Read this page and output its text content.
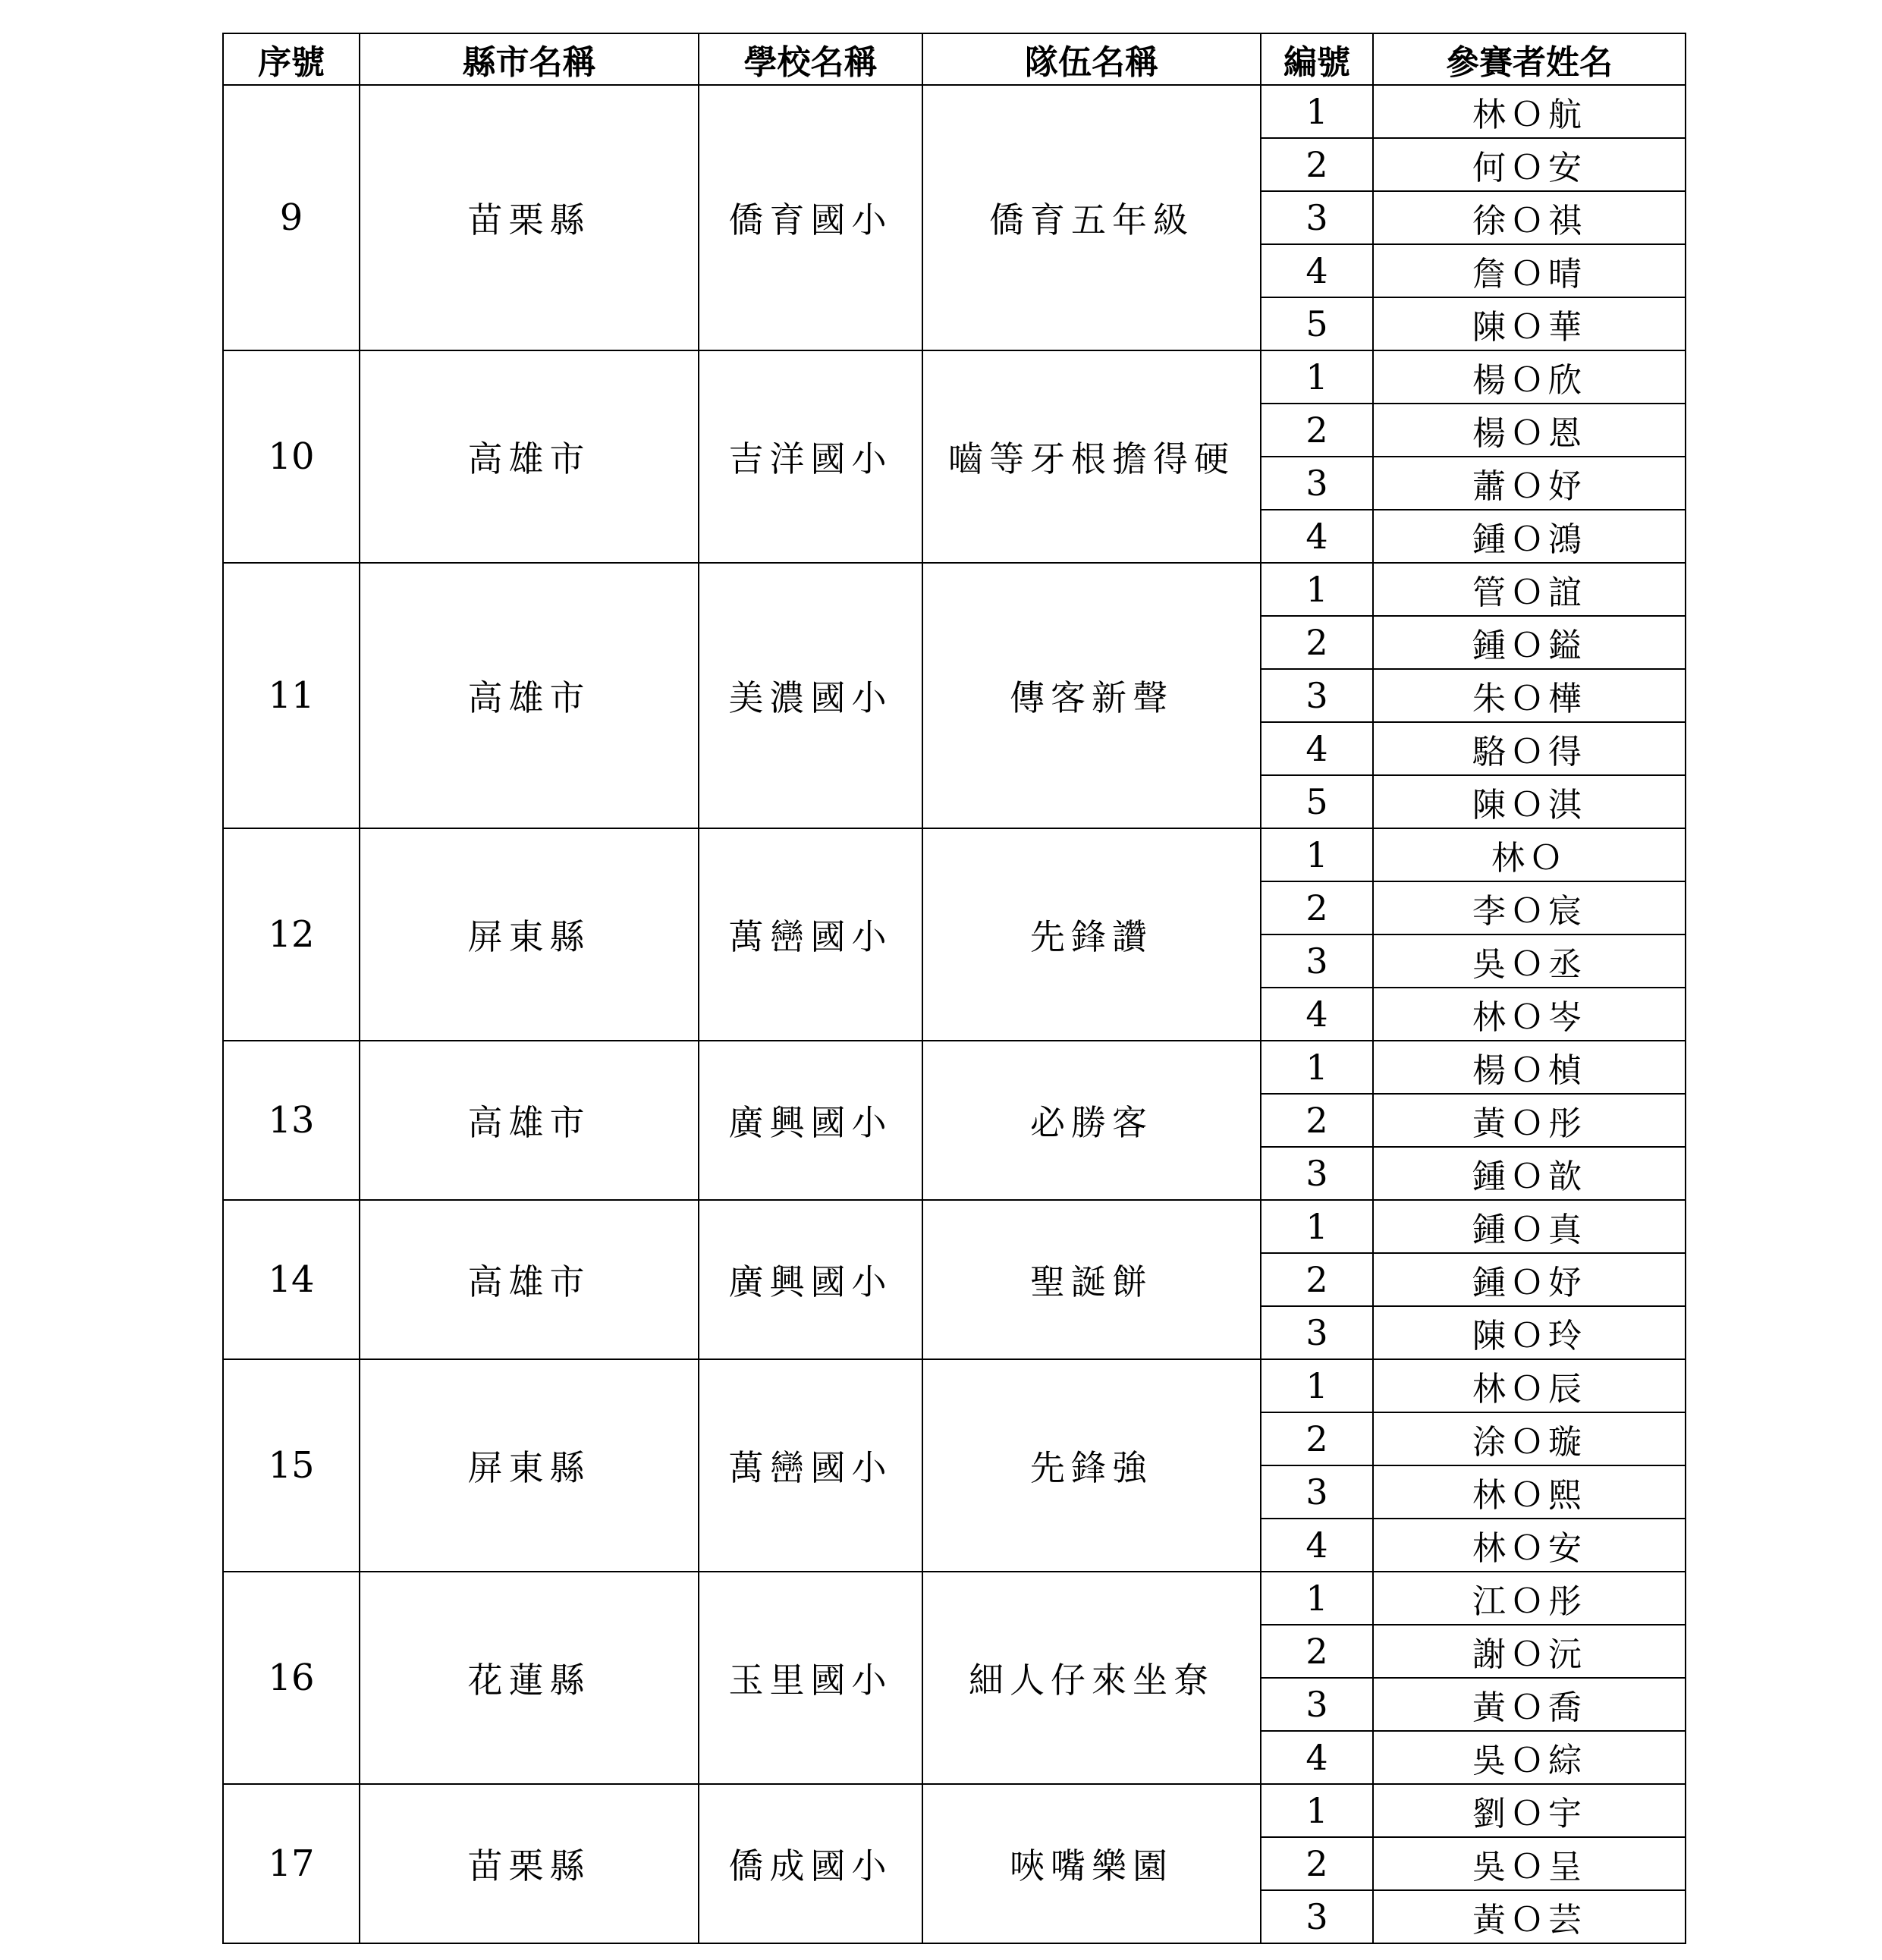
序號	縣市名稱	學校名稱	隊伍名稱	編號	參賽者姓名
9	苗栗縣	僑育國小	僑育五年級	1	林Ｏ航
				2	何Ｏ安
				3	徐Ｏ祺
				4	詹Ｏ晴
				5	陳Ｏ華
10	高雄市	吉洋國小	嚙等牙根擔得硬	1	楊Ｏ欣
				2	楊Ｏ恩
				3	蕭Ｏ妤
				4	鍾Ｏ鴻
11	高雄市	美濃國小	傳客新聲	1	管Ｏ誼
				2	鍾Ｏ鎰
				3	朱Ｏ樺
				4	駱Ｏ得
				5	陳Ｏ淇
12	屏東縣	萬巒國小	先鋒讚	1	林Ｏ
				2	李Ｏ宸
				3	吳Ｏ丞
				4	林Ｏ岑
13	高雄市	廣興國小	必勝客	1	楊Ｏ楨
				2	黃Ｏ彤
				3	鍾Ｏ歆
14	高雄市	廣興國小	聖誕餅	1	鍾Ｏ真
				2	鍾Ｏ妤
				3	陳Ｏ玲
15	屏東縣	萬巒國小	先鋒強	1	林Ｏ辰
				2	涂Ｏ璇
				3	林Ｏ熙
				4	林Ｏ安
16	花蓮縣	玉里國小	細人仔來坐尞	1	江Ｏ彤
				2	謝Ｏ沅
				3	黃Ｏ喬
				4	吳Ｏ綜
17	苗栗縣	僑成國小	唊嘴樂園	1	劉Ｏ宇
				2	吳Ｏ呈
				3	黃Ｏ芸
